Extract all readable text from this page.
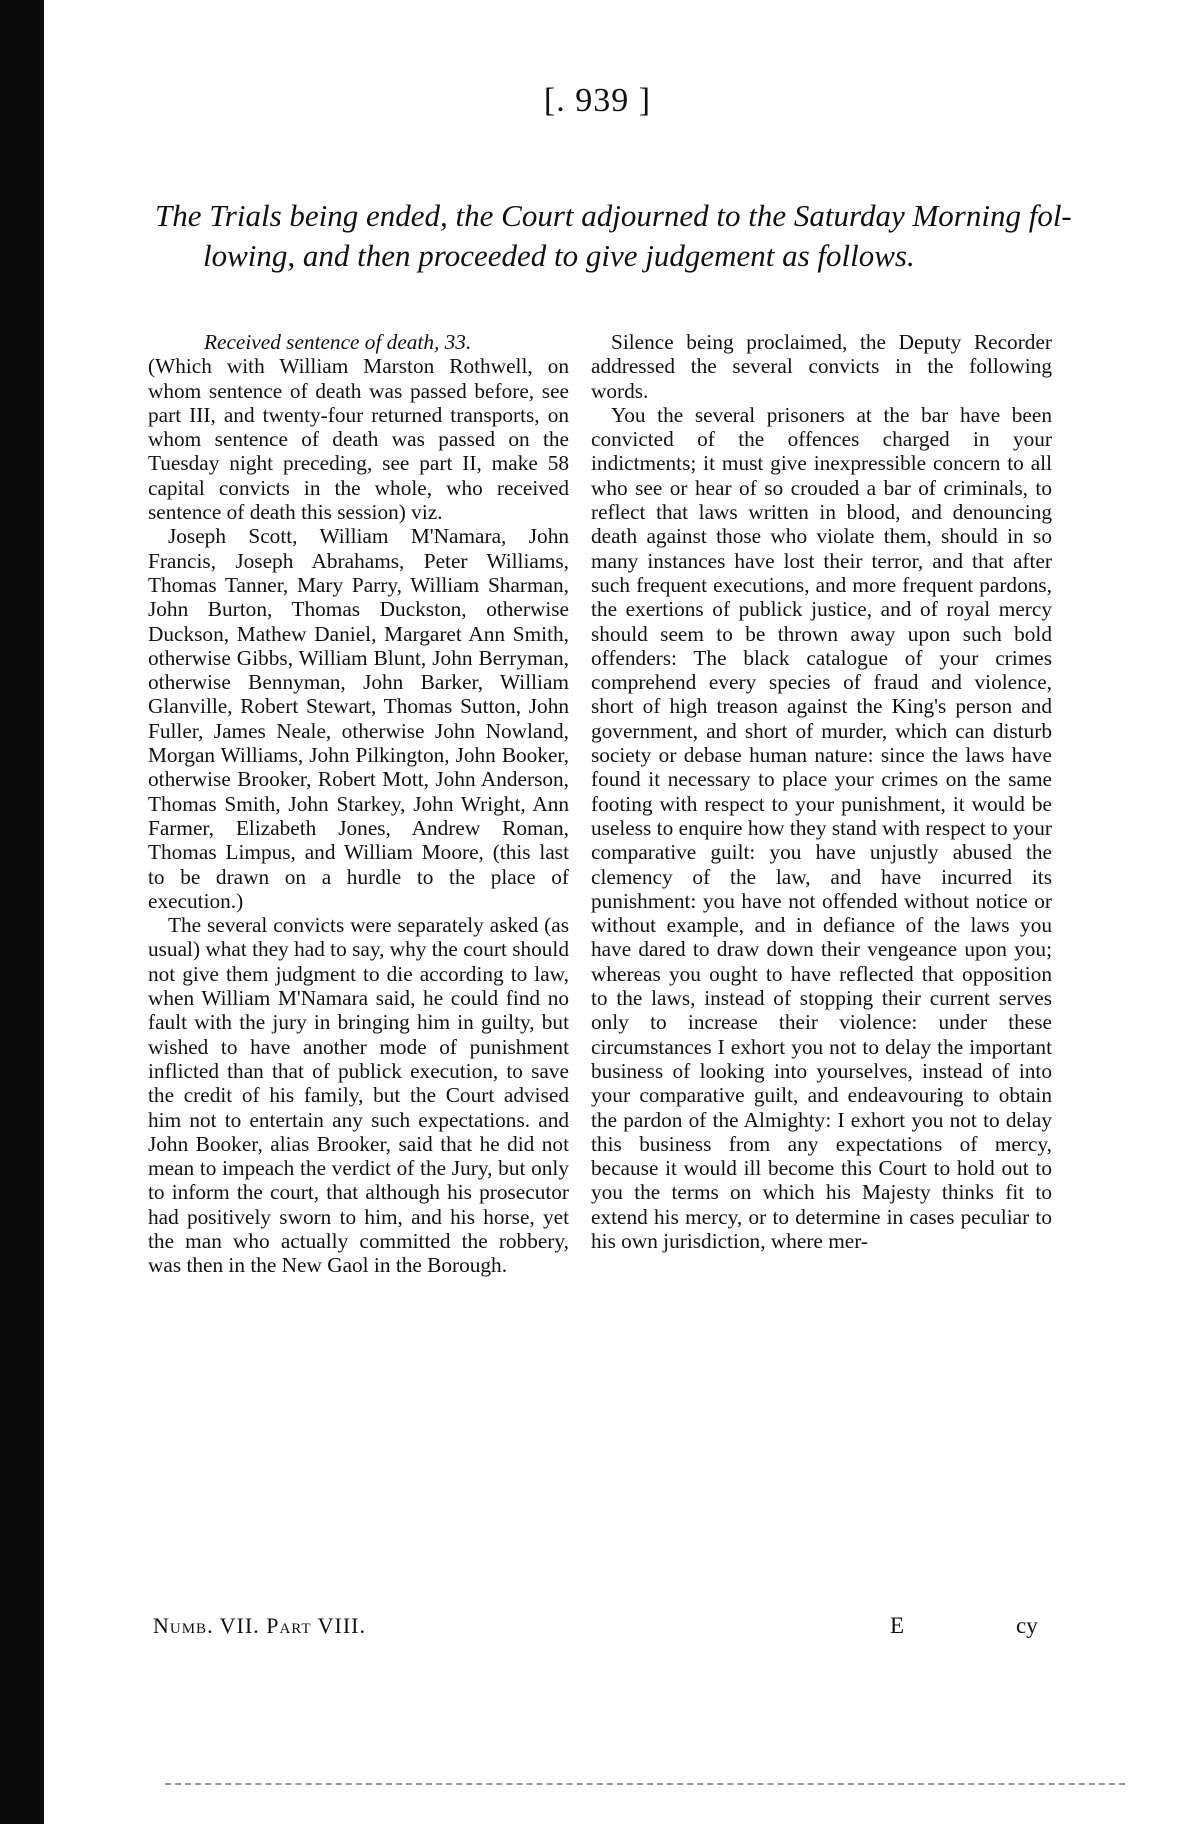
[. 939 ]
The Trials being ended, the Court adjourned to the Saturday Morning fol-
lowing, and then proceeded to give judgement as follows.

Received sentence of death, 33.

(Which with William Marston Rothwell, on whom sentence of death was passed before, see part III, and twenty-four returned transports, on whom sentence of death was passed on the Tuesday night preceding, see part II, make 58 capital convicts in the whole, who received sentence of death this session) viz.

Joseph Scott, William M'Namara, John Francis, Joseph Abrahams, Peter Williams, Thomas Tanner, Mary Parry, William Sharman, John Burton, Thomas Duckston, otherwise Duckson, Mathew Daniel, Margaret Ann Smith, otherwise Gibbs, William Blunt, John Berryman, otherwise Bennyman, John Barker, William Glanville, Robert Stewart, Thomas Sutton, John Fuller, James Neale, otherwise John Nowland, Morgan Williams, John Pilkington, John Booker, otherwise Brooker, Robert Mott, John Anderson, Thomas Smith, John Starkey, John Wright, Ann Farmer, Elizabeth Jones, Andrew Roman, Thomas Limpus, and William Moore, (this last to be drawn on a hurdle to the place of execution.)

The several convicts were separately asked (as usual) what they had to say, why the court should not give them judgment to die according to law, when William M'Namara said, he could find no fault with the jury in bringing him in guilty, but wished to have another mode of punishment inflicted than that of publick execution, to save the credit of his family, but the Court advised him not to entertain any such expectations. and John Booker, alias Brooker, said that he did not mean to impeach the verdict of the Jury, but only to inform the court, that although his prosecutor had positively sworn to him, and his horse, yet the man who actually committed the robbery, was then in the New Gaol in the Borough.

Silence being proclaimed, the Deputy Recorder addressed the several convicts in the following words.

You the several prisoners at the bar have been convicted of the offences charged in your indictments; it must give inexpressible concern to all who see or hear of so crouded a bar of criminals, to reflect that laws written in blood, and denouncing death against those who violate them, should in so many instances have lost their terror, and that after such frequent executions, and more frequent pardons, the exertions of publick justice, and of royal mercy should seem to be thrown away upon such bold offenders: The black catalogue of your crimes comprehend every species of fraud and violence, short of high treason against the King's person and government, and short of murder, which can disturb society or debase human nature: since the laws have found it necessary to place your crimes on the same footing with respect to your punishment, it would be useless to enquire how they stand with respect to your comparative guilt: you have unjustly abused the clemency of the law, and have incurred its punishment: you have not offended without notice or without example, and in defiance of the laws you have dared to draw down their vengeance upon you; whereas you ought to have reflected that opposition to the laws, instead of stopping their current serves only to increase their violence: under these circumstances I exhort you not to delay the important business of looking into yourselves, instead of into your comparative guilt, and endeavouring to obtain the pardon of the Almighty: I exhort you not to delay this business from any expectations of mercy, because it would ill become this Court to hold out to you the terms on which his Majesty thinks fit to extend his mercy, or to determine in cases peculiar to his own jurisdiction, where mer-

Numb. VII. Part VIII.	E	cy
